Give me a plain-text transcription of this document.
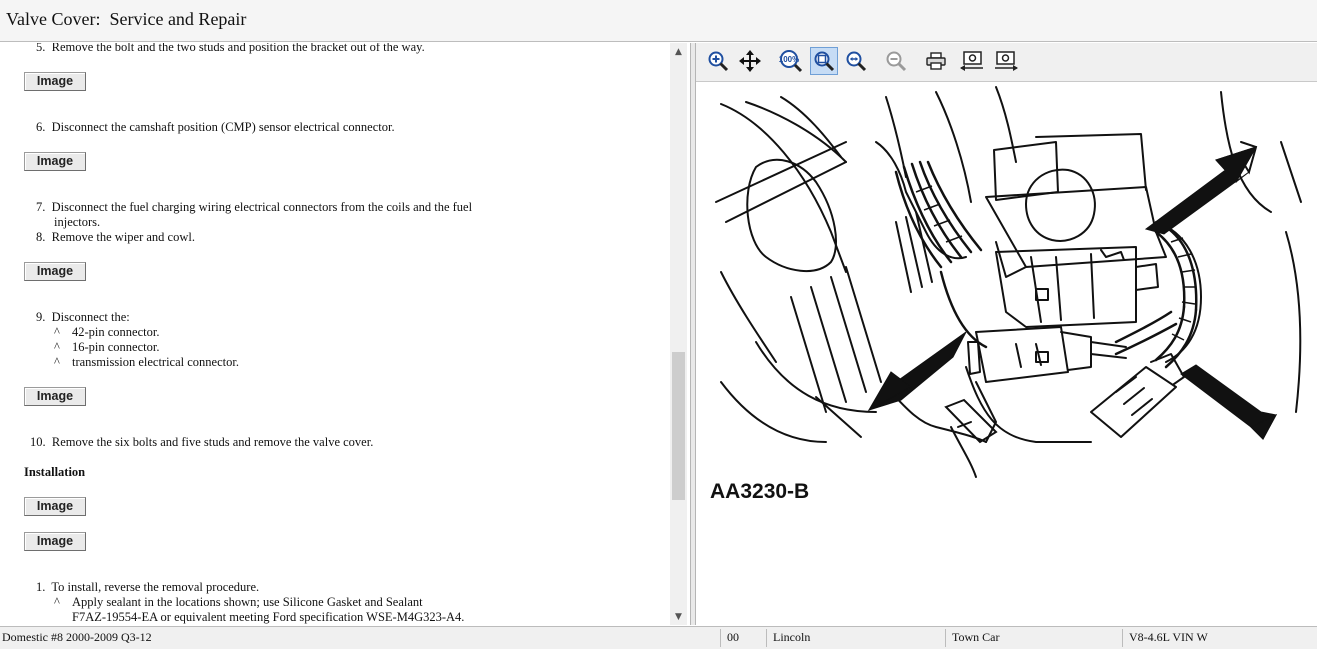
Valve Cover:  Service and Repair
5.  Remove the bolt and the two studs and position the bracket out of the way.
Image
6.  Disconnect the camshaft position (CMP) sensor electrical connector.
Image
7.  Disconnect the fuel charging wiring electrical connectors from the coils and the fuel
injectors.
8.  Remove the wiper and cowl.
Image
9.  Disconnect the:
^ 42-pin connector.
^ 16-pin connector.
^ transmission electrical connector.
Image
10.  Remove the six bolts and five studs and remove the valve cover.
Installation
Image
Image
1.  To install, reverse the removal procedure.
^ Apply sealant in the locations shown; use Silicone Gasket and Sealant
F7AZ-19554-EA or equivalent meeting Ford specification WSE-M4G323-A4.
▲
▼
100%
AA3230-B
Domestic #8 2000-2009 Q3-12	00	Lincoln	Town Car	V8-4.6L VIN W
